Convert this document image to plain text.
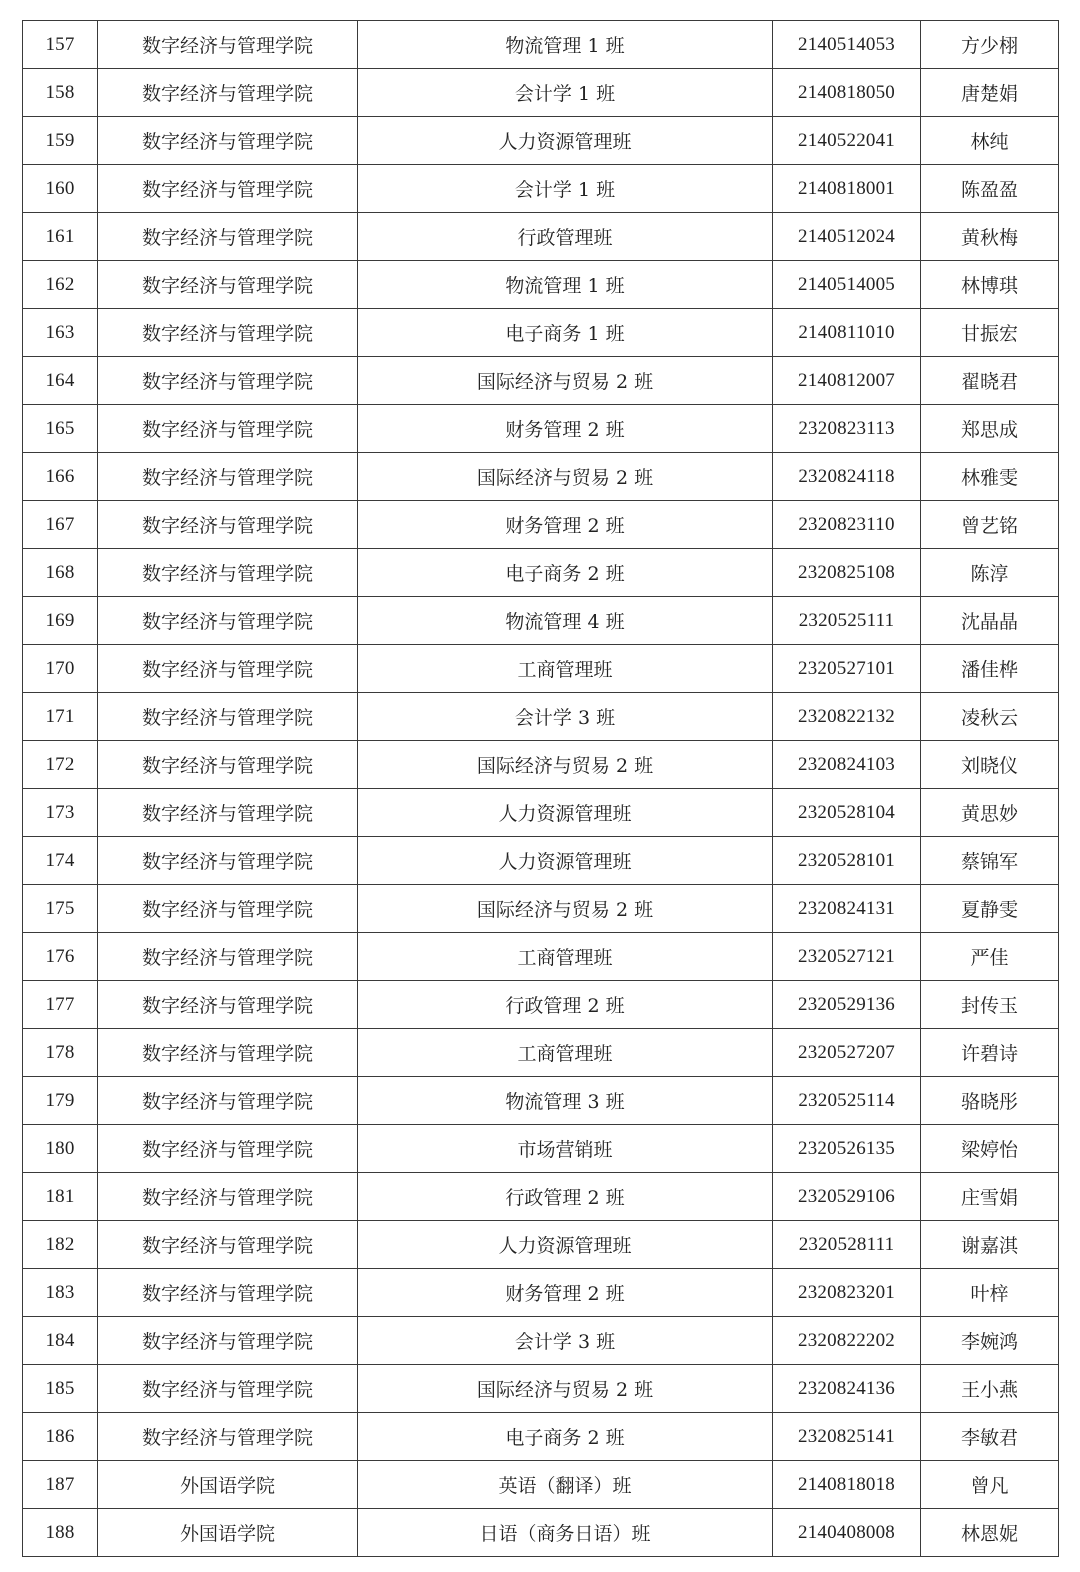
157	数字经济与管理学院	物流管理 1 班	2140514053	方少栩
158	数字经济与管理学院	会计学 1 班	2140818050	唐楚娟
159	数字经济与管理学院	人力资源管理班	2140522041	林纯
160	数字经济与管理学院	会计学 1 班	2140818001	陈盈盈
161	数字经济与管理学院	行政管理班	2140512024	黄秋梅
162	数字经济与管理学院	物流管理 1 班	2140514005	林博琪
163	数字经济与管理学院	电子商务 1 班	2140811010	甘振宏
164	数字经济与管理学院	国际经济与贸易 2 班	2140812007	翟晓君
165	数字经济与管理学院	财务管理 2 班	2320823113	郑思成
166	数字经济与管理学院	国际经济与贸易 2 班	2320824118	林雅雯
167	数字经济与管理学院	财务管理 2 班	2320823110	曾艺铭
168	数字经济与管理学院	电子商务 2 班	2320825108	陈淳
169	数字经济与管理学院	物流管理 4 班	2320525111	沈晶晶
170	数字经济与管理学院	工商管理班	2320527101	潘佳桦
171	数字经济与管理学院	会计学 3 班	2320822132	凌秋云
172	数字经济与管理学院	国际经济与贸易 2 班	2320824103	刘晓仪
173	数字经济与管理学院	人力资源管理班	2320528104	黄思妙
174	数字经济与管理学院	人力资源管理班	2320528101	蔡锦军
175	数字经济与管理学院	国际经济与贸易 2 班	2320824131	夏静雯
176	数字经济与管理学院	工商管理班	2320527121	严佳
177	数字经济与管理学院	行政管理 2 班	2320529136	封传玉
178	数字经济与管理学院	工商管理班	2320527207	许碧诗
179	数字经济与管理学院	物流管理 3 班	2320525114	骆晓彤
180	数字经济与管理学院	市场营销班	2320526135	梁婷怡
181	数字经济与管理学院	行政管理 2 班	2320529106	庄雪娟
182	数字经济与管理学院	人力资源管理班	2320528111	谢嘉淇
183	数字经济与管理学院	财务管理 2 班	2320823201	叶梓
184	数字经济与管理学院	会计学 3 班	2320822202	李婉鸿
185	数字经济与管理学院	国际经济与贸易 2 班	2320824136	王小燕
186	数字经济与管理学院	电子商务 2 班	2320825141	李敏君
187	外国语学院	英语（翻译）班	2140818018	曾凡
188	外国语学院	日语（商务日语）班	2140408008	林恩妮
